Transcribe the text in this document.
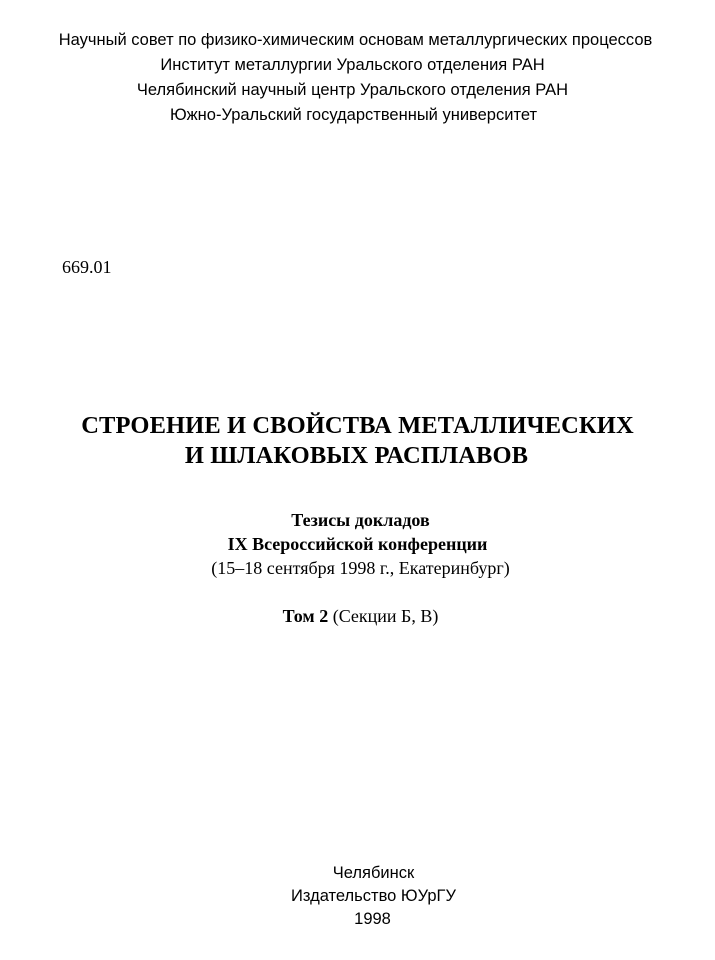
Научный совет по физико-химическим основам металлургических процессов
Институт металлургии Уральского отделения РАН
Челябинский научный центр Уральского отделения РАН
Южно-Уральский государственный университет
669.01
СТРОЕНИЕ И СВОЙСТВА МЕТАЛЛИЧЕСКИХ
И ШЛАКОВЫХ РАСПЛАВОВ
Тезисы докладов
IX Всероссийской конференции
(15–18 сентября 1998 г., Екатеринбург)
Том 2 (Секции Б, В)
Челябинск
Издательство ЮУрГУ
1998
